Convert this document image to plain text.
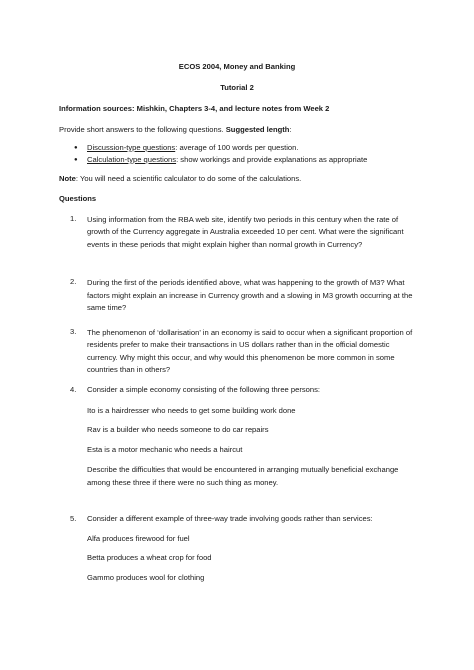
ECOS 2004, Money and Banking
Tutorial 2
Information sources: Mishkin, Chapters 3-4, and lecture notes from Week 2
Provide short answers to the following questions. Suggested length:
● Discussion-type questions: average of 100 words per question.
● Calculation-type questions: show workings and provide explanations as appropriate
Note: You will need a scientific calculator to do some of the calculations.
Questions
1. Using information from the RBA web site, identify two periods in this century when the rate of growth of the Currency aggregate in Australia exceeded 10 per cent. What were the significant events in these periods that might explain higher than normal growth in Currency?

2. During the first of the periods identified above, what was happening to the growth of M3? What factors might explain an increase in Currency growth and a slowing in M3 growth occurring at the same time?

3. The phenomenon of ‘dollarisation’ in an economy is said to occur when a significant proportion of residents prefer to make their transactions in US dollars rather than in the official domestic currency. Why might this occur, and why would this phenomenon be more common in some countries than in others?

4. Consider a simple economy consisting of the following three persons:

Ito is a hairdresser who needs to get some building work done

Rav is a builder who needs someone to do car repairs

Esta is a motor mechanic who needs a haircut

Describe the difficulties that would be encountered in arranging mutually beneficial exchange among these three if there were no such thing as money.

5. Consider a different example of three-way trade involving goods rather than services:

Alfa produces firewood for fuel

Betta produces a wheat crop for food

Gammo produces wool for clothing
